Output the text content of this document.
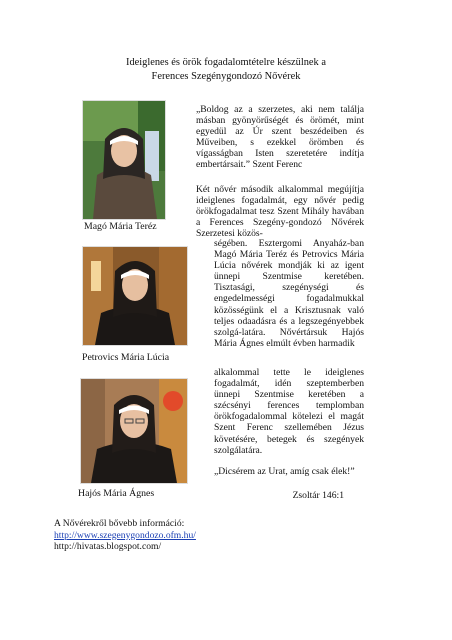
Ideiglenes és örök fogadalomtételre készülnek a
Ferences Szegénygondozó Nővérek
Magó Mária Teréz
Petrovics Mária Lúcia
Hajós Mária Ágnes
„Boldog az a szerzetes, aki nem találja másban gyönyörűségét és örömét, mint egyedül az Úr szent beszédeiben és Műveiben, s ezekkel örömben és vígasságban Isten szeretetére indítja embertársait.” Szent Ferenc
Két nővér második alkalommal megújítja ideiglenes fogadalmát, egy nővér pedig örökfogadalmat tesz Szent Mihály havában a Ferences Szegény-gondozó Nővérek Szerzetesi közös-
ségében. Esztergomi Anyaház-ban Magó Mária Teréz és Petrovics Mária Lúcia nővérek mondják ki az igent ünnepi Szentmise keretében. Tisztasági, szegénységi és engedelmességi fogadalmukkal közösségünk el a Krisztusnak való teljes odaadásra és a legszegényebbek szolgá-latára. Nővértársuk Hajós Mária Ágnes elmúlt évben harmadik
alkalommal tette le ideiglenes fogadalmát, idén szeptemberben ünnepi Szentmise keretében a szécsényi ferences templomban örökfogadalommal kötelezi el magát Szent Ferenc szellemében Jézus követésére, betegek és szegények szolgálatára.
„Dicsérem az Urat, amíg csak élek!”
Zsoltár 146:1
A Nővérekről bővebb információ:
http://www.szegenygondozo.ofm.hu/
http://hivatas.blogspot.com/
